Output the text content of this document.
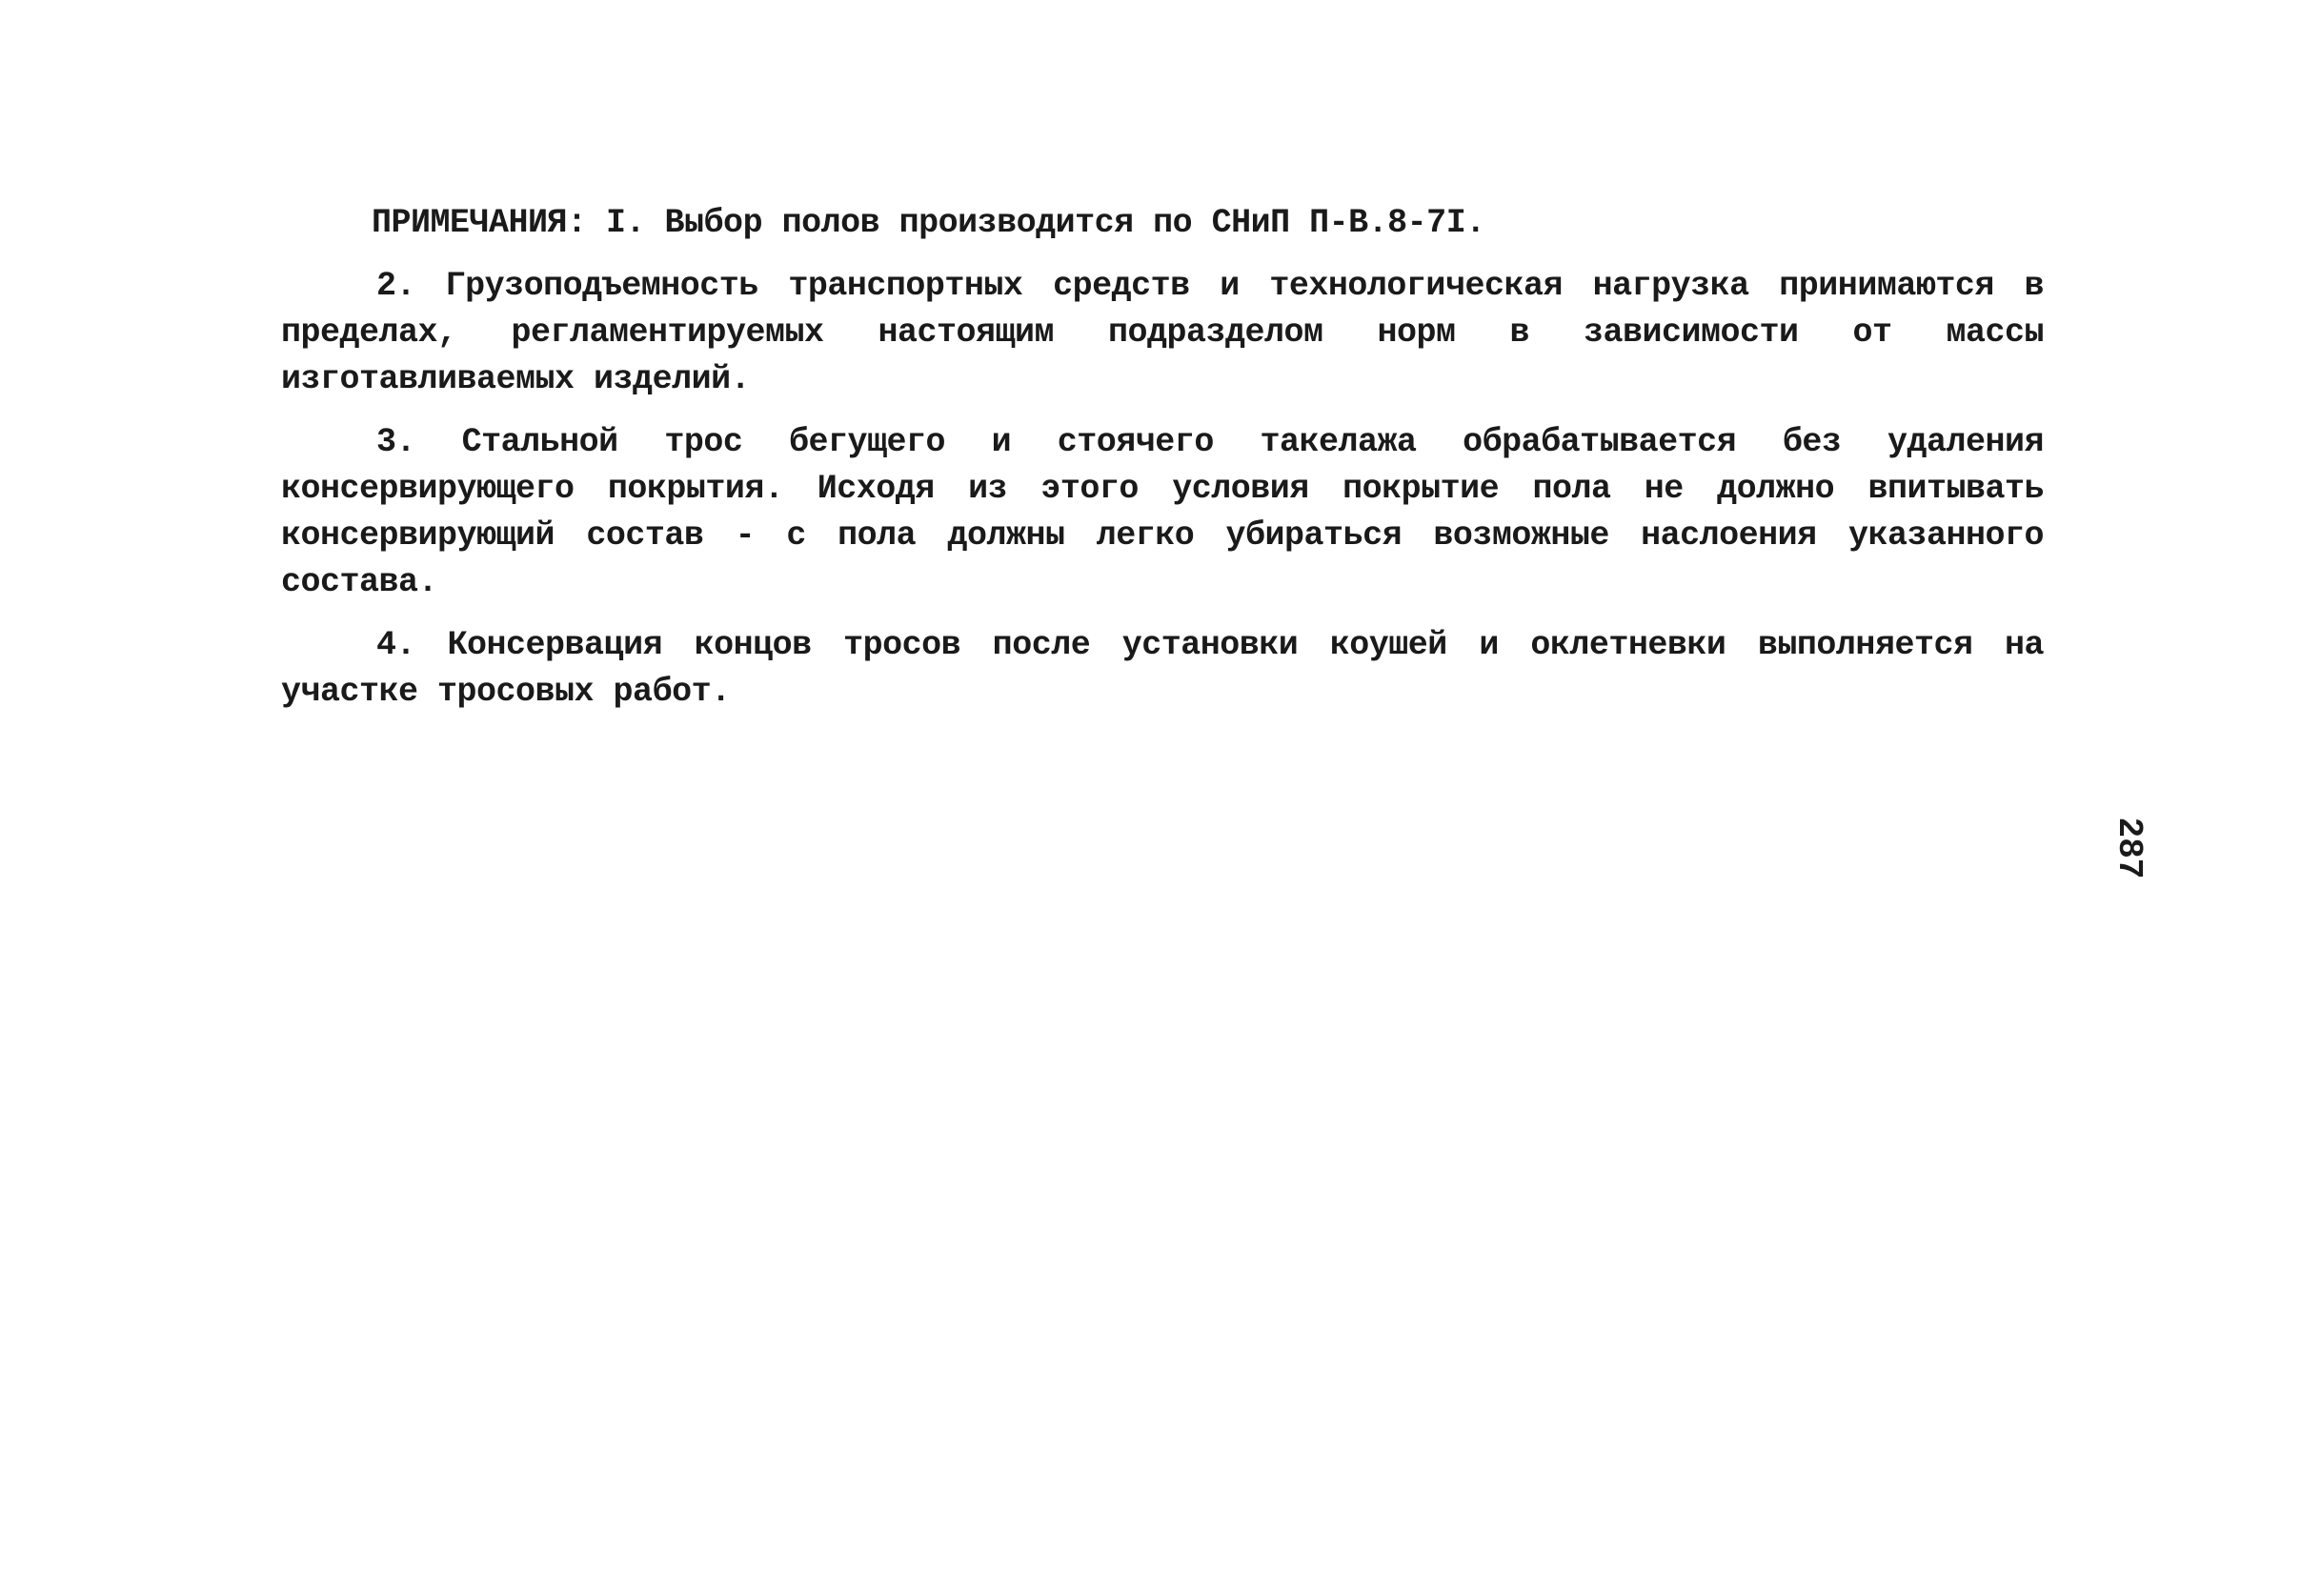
ПРИМЕЧАНИЯ: I. Выбор полов производится по СНиП П-В.8-7I.

2. Грузоподъемность транспортных средств и технологическая нагрузка принимаются в пределах, регламентируемых настоящим подразделом норм в зависимости от массы изготавливаемых изделий.

3. Стальной трос бегущего и стоячего такелажа обрабатывается без удаления консервирующего покрытия. Исходя из этого условия покрытие пола не должно впитывать консервирующий состав - с пола должны легко убираться возможные наслоения указанного состава.

4. Консервация концов тросов после установки коушей и оклетневки выполняется на участке тросовых работ.

287
